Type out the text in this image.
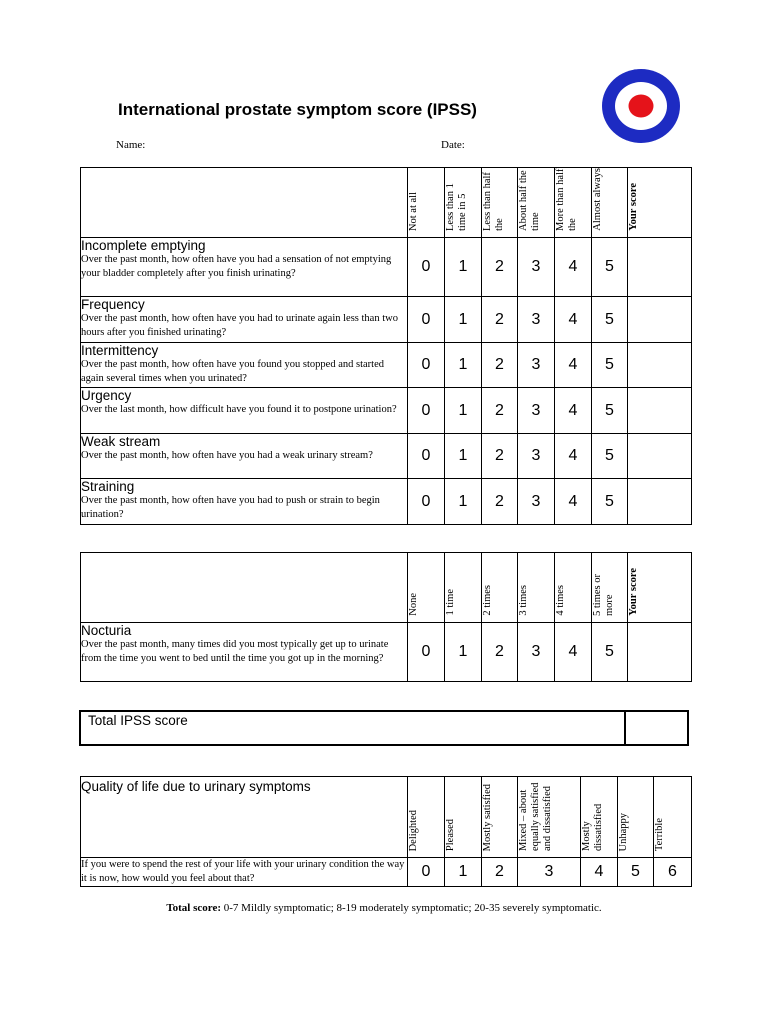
International prostate symptom score (IPSS)
Name:	Date:

	Not at all	Less than 1 time in 5	Less than half the	About half the time	More than half the	Almost always	Your score

Incomplete emptying
Over the past month, how often have you had a sensation of not emptying your bladder completely after you finish urinating?	0	1	2	3	4	5	

Frequency
Over the past month, how often have you had to urinate again less than two hours after you finished urinating?	0	1	2	3	4	5	

Intermittency
Over the past month, how often have you found you stopped and started again several times when you urinated?	0	1	2	3	4	5	

Urgency
Over the last month, how difficult have you found it to postpone urination?	0	1	2	3	4	5	

Weak stream
Over the past month, how often have you had a weak urinary stream?	0	1	2	3	4	5	

Straining
Over the past month, how often have you had to push or strain to begin urination?	0	1	2	3	4	5	

	None	1 time	2 times	3 times	4 times	5 times or more	Your score

Nocturia
Over the past month, many times did you most typically get up to urinate from the time you went to bed until the time you got up in the morning?	0	1	2	3	4	5	
Total IPSS score
Quality of life due to urinary symptoms	Delighted	Pleased	Mostly satisfied	Mixed – about equally satisfied and dissatisfied	Mostly dissatisfied	Unhappy	Terrible

If you were to spend the rest of your life with your urinary condition the way it is now, how would you feel about that?	0	1	2	3	4	5	6
Total score: 0-7 Mildly symptomatic; 8-19 moderately symptomatic; 20-35 severely symptomatic.
